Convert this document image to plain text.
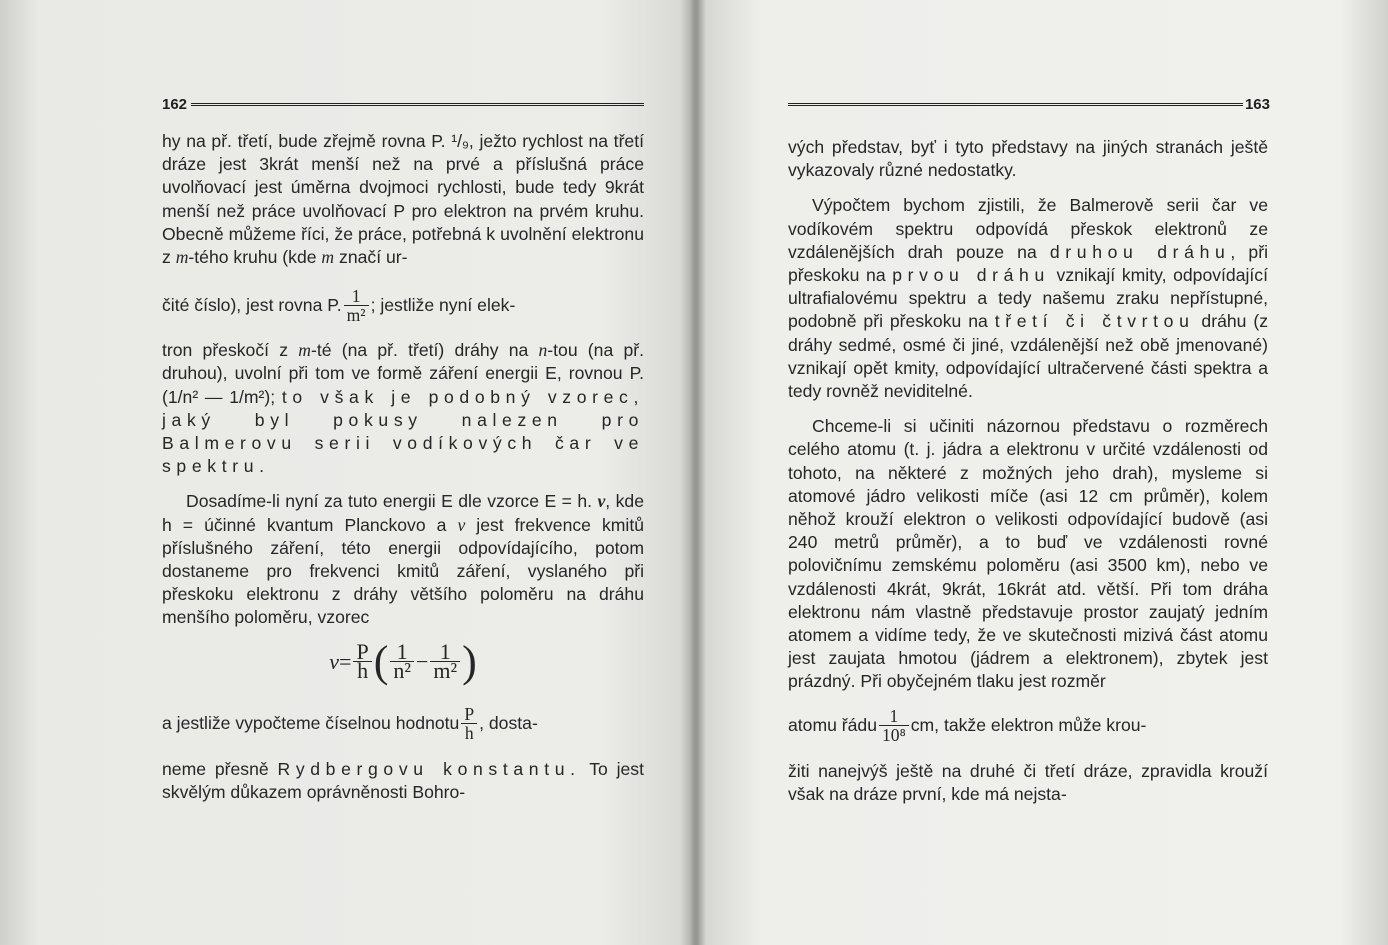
162

hy na př. třetí, bude zřejmě rovna P. ¹/₉, ježto rychlost na třetí dráze jest 3krát menší než na prvé a příslušná práce uvolňovací jest úměrna dvojmoci rychlosti, bude tedy 9krát menší než práce uvolňovací P pro elektron na prvém kruhu. Obecně můžeme říci, že práce, potřebná k uvolnění elektronu z m-tého kruhu (kde m značí ur-

čité číslo), jest rovna P. $\frac{1}{\text{m²}}$ ; jestliže nyní elek-

tron přeskočí z m-té (na př. třetí) dráhy na n-tou (na př. druhou), uvolní při tom ve formě záření energii E, rovnou P. (1/n² — 1/m²); to však je podobný vzorec, jaký byl pokusy nalezen pro Balmerovu serii vodíkových čar ve spektru.

Dosadíme-li nyní za tuto energii E dle vzorce E = h. v, kde h = účinné kvantum Planckovo a v jest frekvence kmitů příslušného záření, této energii odpovídajícího, potom dostaneme pro frekvenci kmitů záření, vyslaného při přeskoku elektronu z dráhy většího poloměru na dráhu menšího poloměru, vzorec

$v = \frac{P}{h}$ ( $\frac{1}{\text{n²}} - \frac{1}{\text{m²}}$ )
a jestliže vypočteme číselnou hodnotu $\frac{P}{h}$ , dosta-

neme přesně Rydbergovu konstantu. To jest skvělým důkazem oprávněnosti Bohro-

163

vých představ, byť i tyto představy na jiných stranách ještě vykazovaly různé nedostatky.

Výpočtem bychom zjistili, že Balmerově serii čar ve vodíkovém spektru odpovídá přeskok elektronů ze vzdálenějších drah pouze na druhou dráhu, při přeskoku na prvou dráhu vznikají kmity, odpovídající ultrafialovému spektru a tedy našemu zraku nepřístupné, podobně při přeskoku na třetí či čtvrtou dráhu (z dráhy sedmé, osmé či jiné, vzdálenější než obě jmenované) vznikají opět kmity, odpovídající ultračervené části spektra a tedy rovněž neviditelné.

Chceme-li si učiniti názornou představu o rozměrech celého atomu (t. j. jádra a elektronu v určité vzdálenosti od tohoto, na některé z možných jeho drah), mysleme si atomové jádro velikosti míče (asi 12 cm průměr), kolem něhož krouží elektron o velikosti odpovídající budově (asi 240 metrů průměr), a to buď ve vzdálenosti rovné polovičnímu zemskému poloměru (asi 3500 km), nebo ve vzdálenosti 4krát, 9krát, 16krát atd. větší. Při tom dráha elektronu nám vlastně představuje prostor zaujatý jedním atomem a vidíme tedy, že ve skutečnosti mizivá část atomu jest zaujata hmotou (jádrem a elektronem), zbytek jest prázdný. Při obyčejném tlaku jest rozměr

atomu řádu $\frac{1}{\text{10⁸}}$ cm, takže elektron může krou-

žiti nanejvýš ještě na druhé či třetí dráze, zpravidla krouží však na dráze první, kde má nejsta-
